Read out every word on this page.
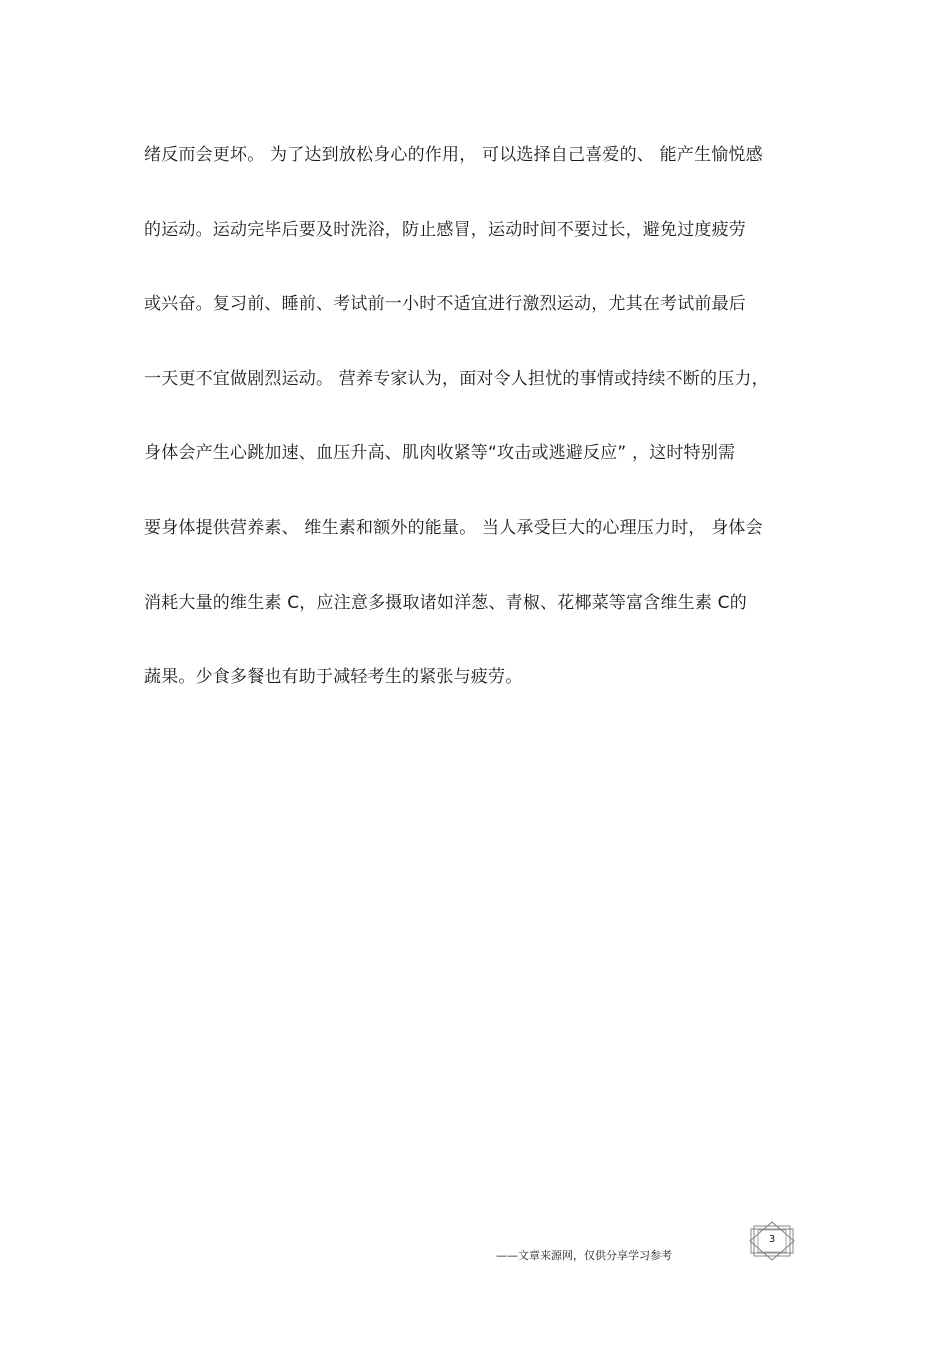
绪反而会更坏。 为了达到放松身心的作用， 可以选择自己喜爱的、 能产生愉悦感
的运动。运动完毕后要及时洗浴，防止感冒，运动时间不要过长，避免过度疲劳
或兴奋。复习前、睡前、考试前一小时不适宜进行激烈运动，尤其在考试前最后
一天更不宜做剧烈运动。 营养专家认为，面对令人担忧的事情或持续不断的压力，
身体会产生心跳加速、血压升高、肌肉收紧等“攻击或逃避反应” ，这时特别需
要身体提供营养素、 维生素和额外的能量。 当人承受巨大的心理压力时， 身体会
消耗大量的维生素 C，应注意多摄取诸如洋葱、青椒、花椰菜等富含维生素 C的
蔬果。少食多餐也有助于减轻考生的紧张与疲劳。
——文章来源网，仅供分享学习参考
3
